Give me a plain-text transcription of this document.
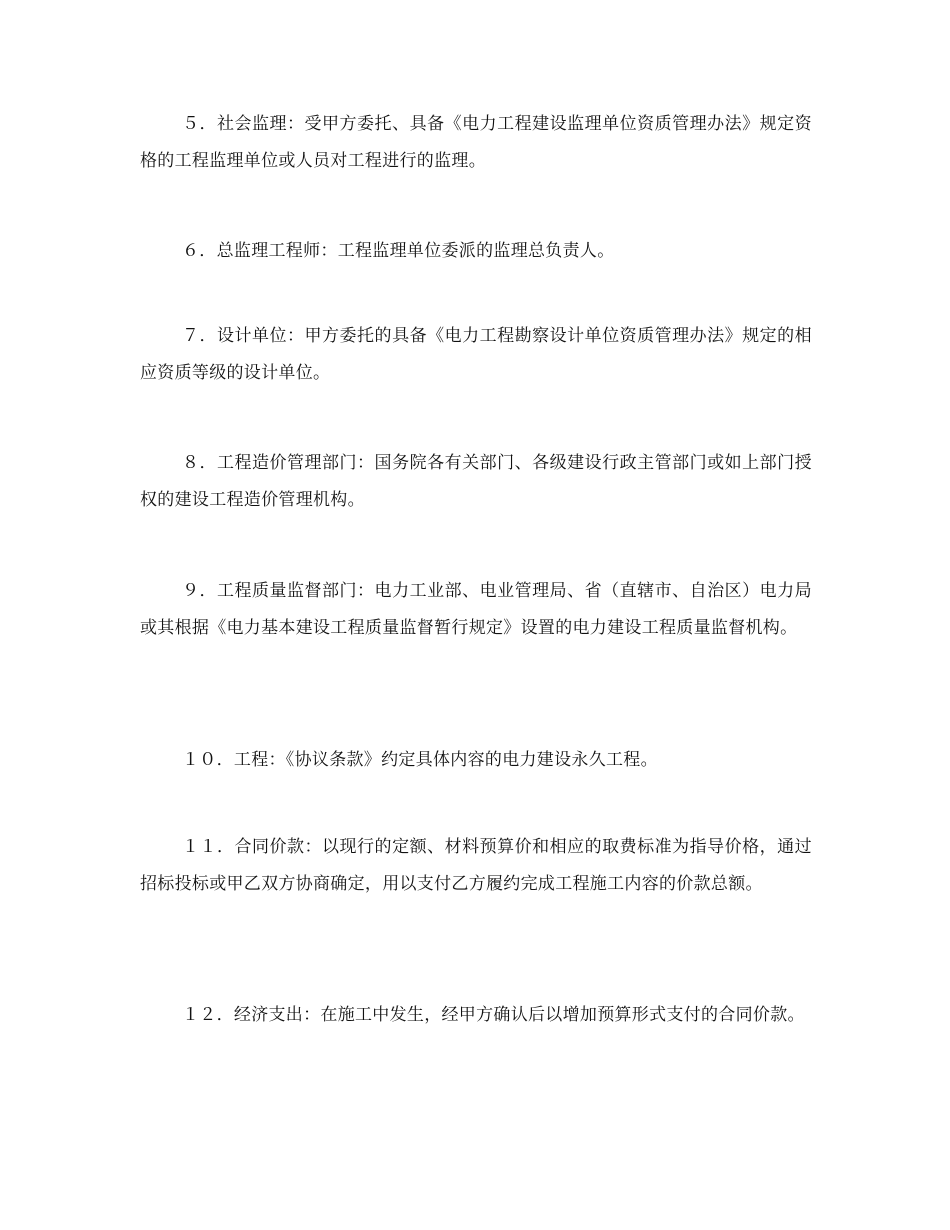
５．社会监理：受甲方委托、具备《电力工程建设监理单位资质管理办法》规定资格的工程监理单位或人员对工程进行的监理。

６．总监理工程师：工程监理单位委派的监理总负责人。

７．设计单位：甲方委托的具备《电力工程勘察设计单位资质管理办法》规定的相应资质等级的设计单位。

８．工程造价管理部门：国务院各有关部门、各级建设行政主管部门或如上部门授权的建设工程造价管理机构。

９．工程质量监督部门：电力工业部、电业管理局、省（直辖市、自治区）电力局或其根据《电力基本建设工程质量监督暂行规定》设置的电力建设工程质量监督机构。

１０．工程：《协议条款》约定具体内容的电力建设永久工程。

１１．合同价款：以现行的定额、材料预算价和相应的取费标准为指导价格，通过招标投标或甲乙双方协商确定，用以支付乙方履约完成工程施工内容的价款总额。

１２．经济支出：在施工中发生，经甲方确认后以增加预算形式支付的合同价款。
